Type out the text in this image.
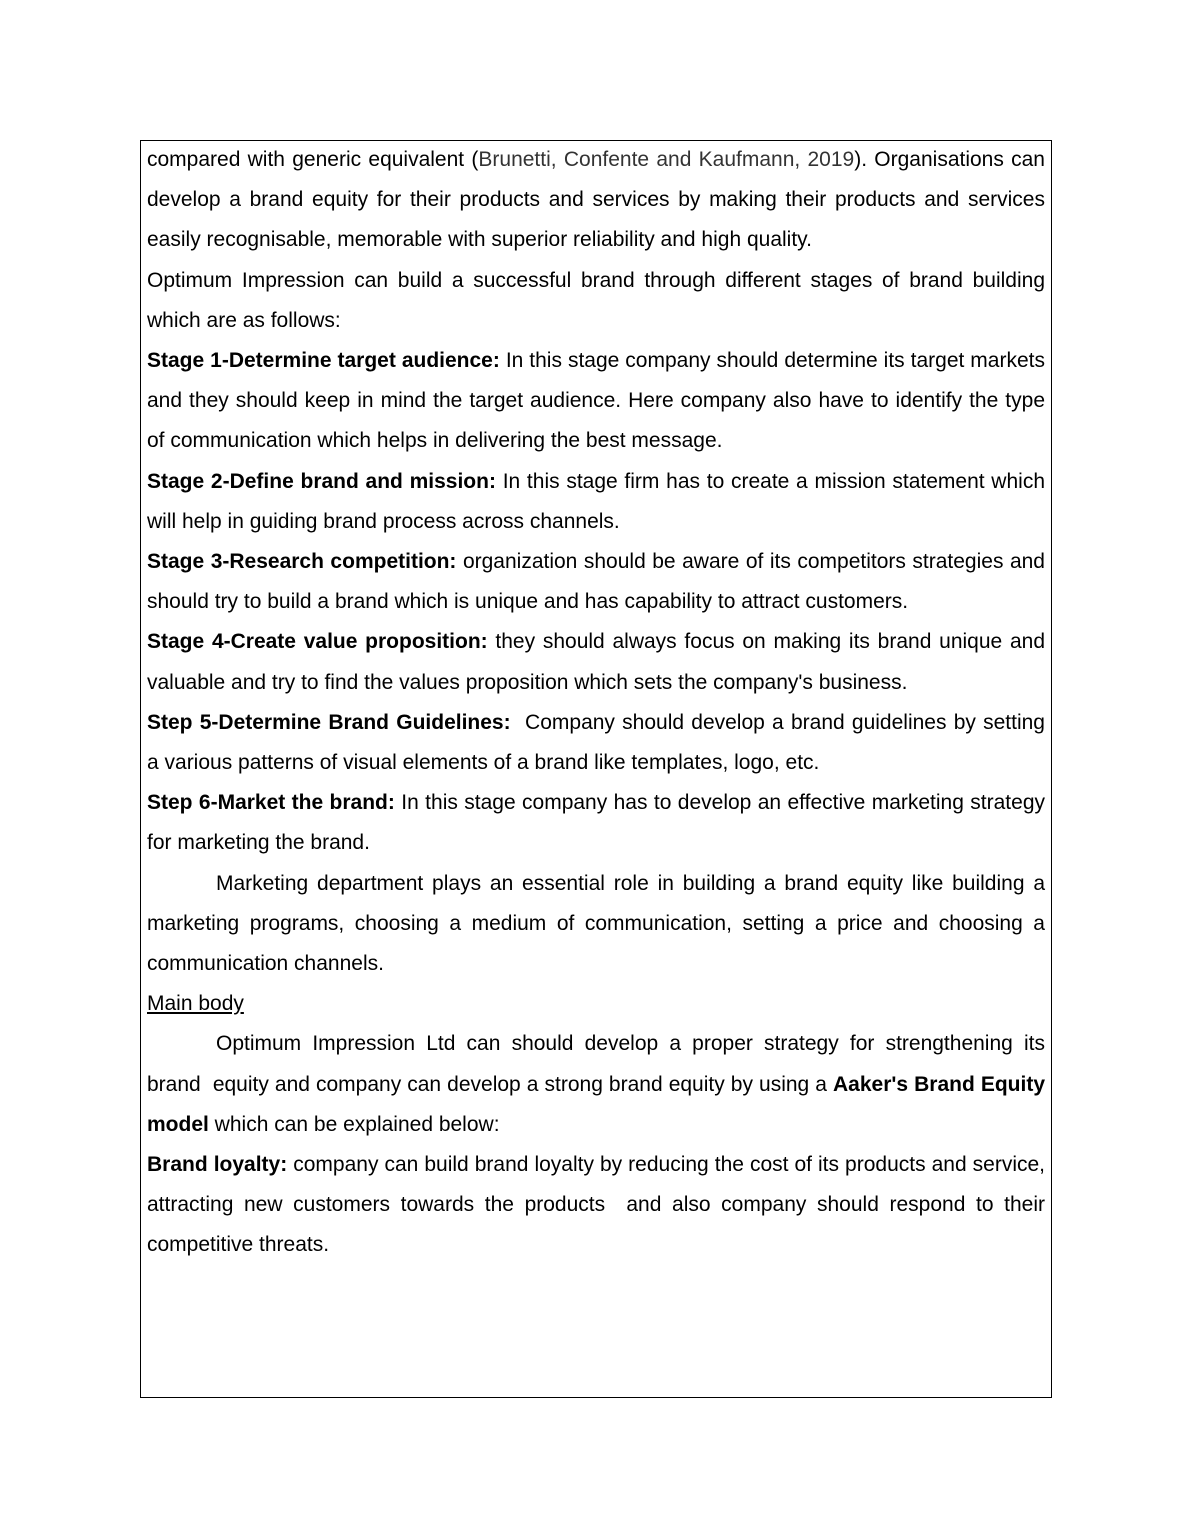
compared with generic equivalent (Brunetti, Confente and Kaufmann, 2019). Organisations can develop a brand equity for their products and services by making their products and services easily recognisable, memorable with superior reliability and high quality.

Optimum Impression can build a successful brand through different stages of brand building which are as follows:

Stage 1-Determine target audience: In this stage company should determine its target markets and they should keep in mind the target audience. Here company also have to identify the type of communication which helps in delivering the best message.

Stage 2-Define brand and mission: In this stage firm has to create a mission statement which will help in guiding brand process across channels.

Stage 3-Research competition: organization should be aware of its competitors strategies and should try to build a brand which is unique and has capability to attract customers.

Stage 4-Create value proposition: they should always focus on making its brand unique and valuable and try to find the values proposition which sets the company's business.

Step 5-Determine Brand Guidelines:  Company should develop a brand guidelines by setting a various patterns of visual elements of a brand like templates, logo, etc.

Step 6-Market the brand: In this stage company has to develop an effective marketing strategy for marketing the brand.

Marketing department plays an essential role in building a brand equity like building a marketing programs, choosing a medium of communication, setting a price and choosing a communication channels.

Main body

Optimum Impression Ltd can should develop a proper strategy for strengthening its brand  equity and company can develop a strong brand equity by using a Aaker's Brand Equity model which can be explained below:

Brand loyalty: company can build brand loyalty by reducing the cost of its products and service, attracting new customers towards the products  and also company should respond to their competitive threats.
